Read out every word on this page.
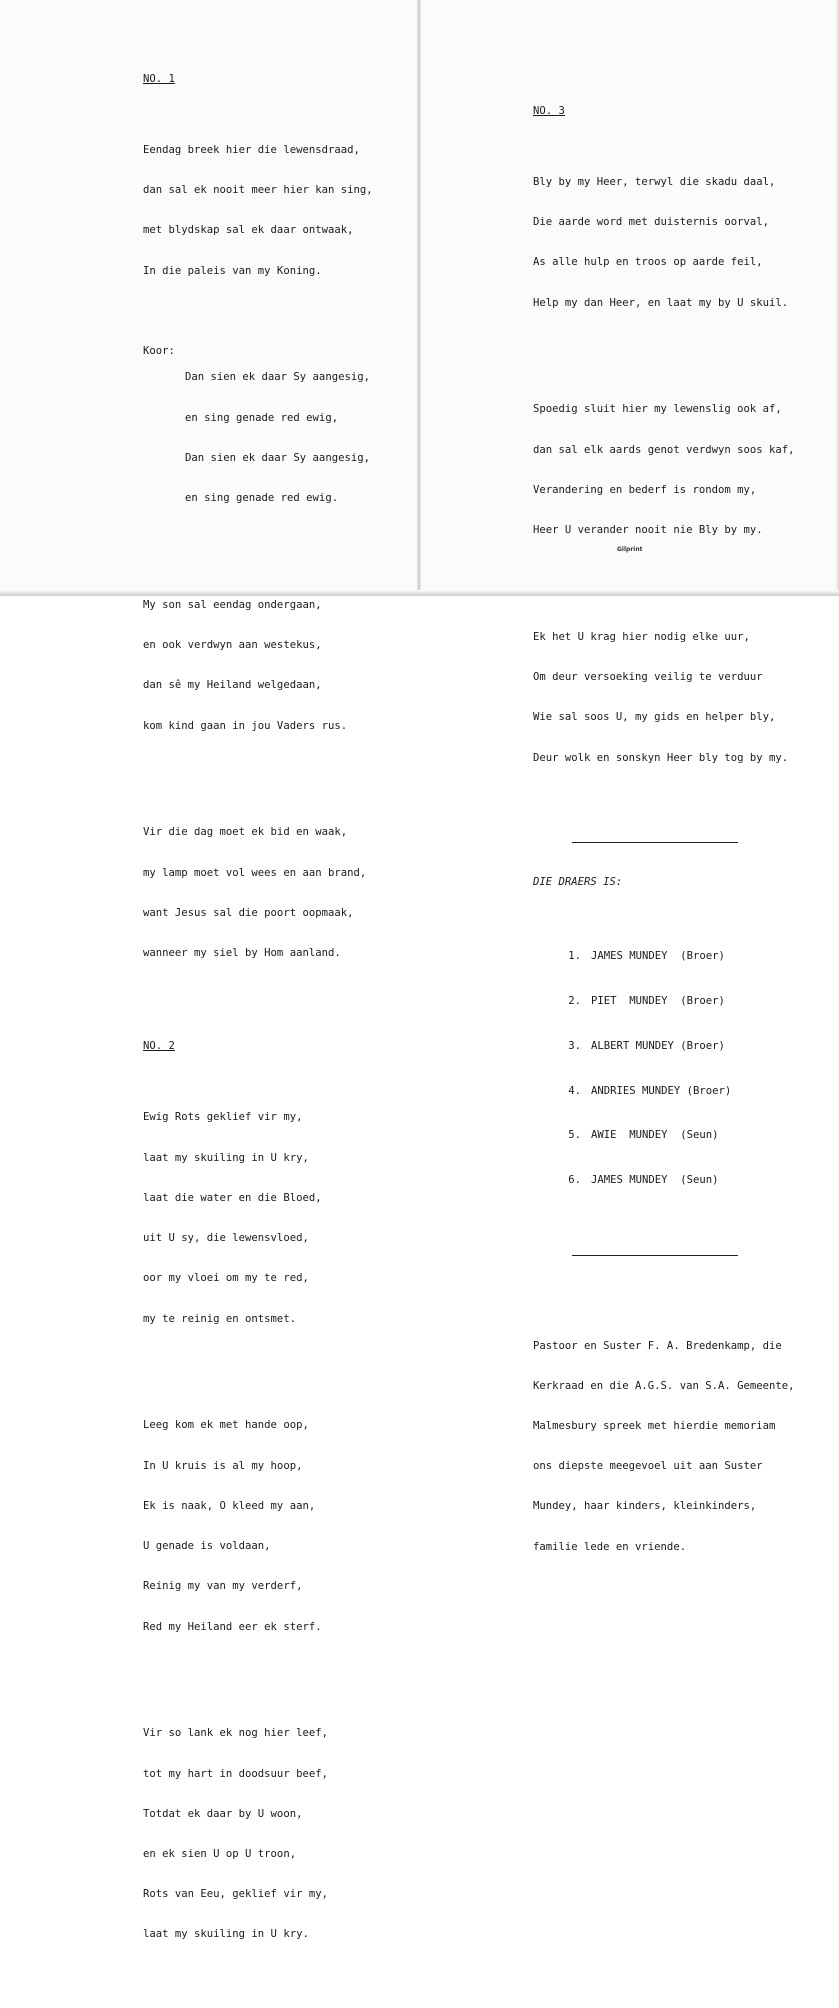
NO. 1

Eendag breek hier die lewensdraad,

dan sal ek nooit meer hier kan sing,

met blydskap sal ek daar ontwaak,

In die paleis van my Koning.

Koor:

Dan sien ek daar Sy aangesig,

en sing genade red ewig,

Dan sien ek daar Sy aangesig,

en sing genade red ewig.

My son sal eendag ondergaan,

en ook verdwyn aan westekus,

dan sê my Heiland welgedaan,

kom kind gaan in jou Vaders rus.

Vir die dag moet ek bid en waak,

my lamp moet vol wees en aan brand,

want Jesus sal die poort oopmaak,

wanneer my siel by Hom aanland.

NO. 2

Ewig Rots geklief vir my,

laat my skuiling in U kry,

laat die water en die Bloed,

uit U sy, die lewensvloed,

oor my vloei om my te red,

my te reinig en ontsmet.

Leeg kom ek met hande oop,

In U kruis is al my hoop,

Ek is naak, O kleed my aan,

U genade is voldaan,

Reinig my van my verderf,

Red my Heiland eer ek sterf.

Vir so lank ek nog hier leef,

tot my hart in doodsuur beef,

Totdat ek daar by U woon,

en ek sien U op U troon,

Rots van Eeu, geklief vir my,

laat my skuiling in U kry.

NO. 3

Bly by my Heer, terwyl die skadu daal,

Die aarde word met duisternis oorval,

As alle hulp en troos op aarde feil,

Help my dan Heer, en laat my by U skuil.

Spoedig sluit hier my lewenslig ook af,

dan sal elk aards genot verdwyn soos kaf,

Verandering en bederf is rondom my,

Heer U verander nooit nie Bly by my.

Ek het U krag hier nodig elke uur,

Om deur versoeking veilig te verduur

Wie sal soos U, my gids en helper bly,

Deur wolk en sonskyn Heer bly tog by my.

DIE DRAERS IS:

1. JAMES MUNDEY  (Broer)

2. PIET  MUNDEY  (Broer)

3. ALBERT MUNDEY (Broer)

4. ANDRIES MUNDEY (Broer)

5. AWIE  MUNDEY  (Seun)

6. JAMES MUNDEY  (Seun)

Pastoor en Suster F. A. Bredenkamp, die

Kerkraad en die A.G.S. van S.A. Gemeente,

Malmesbury spreek met hierdie memoriam

ons diepste meegevoel uit aan Suster

Mundey, haar kinders, kleinkinders,

familie lede en vriende.

Gilprint
